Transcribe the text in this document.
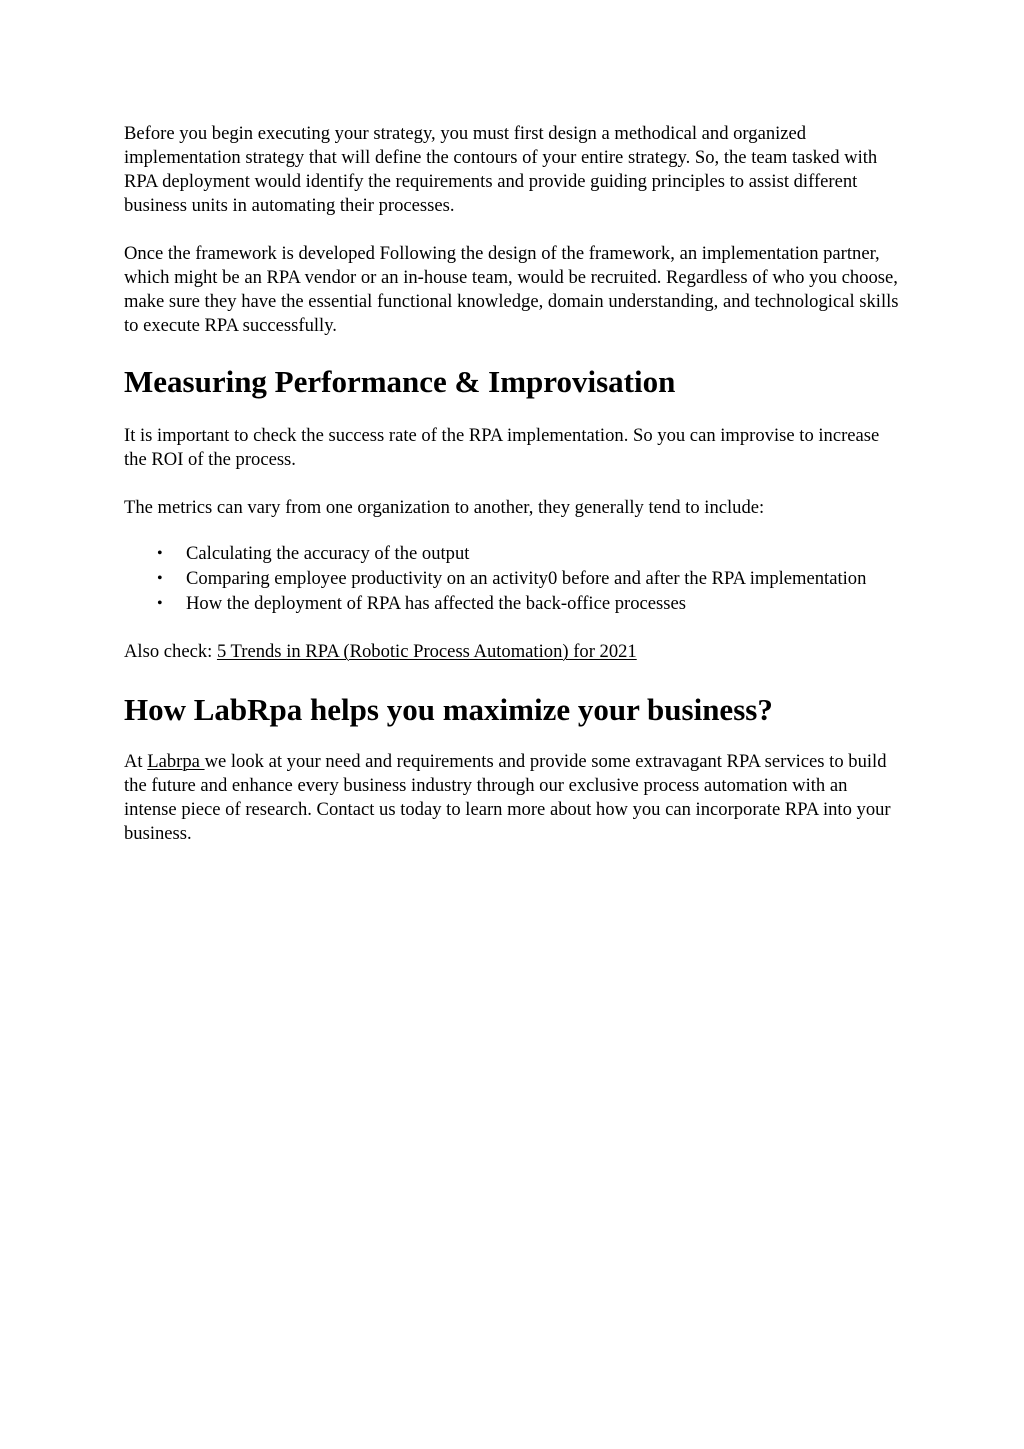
Before you begin executing your strategy, you must first design a methodical and organized implementation strategy that will define the contours of your entire strategy. So, the team tasked with RPA deployment would identify the requirements and provide guiding principles to assist different business units in automating their processes.

Once the framework is developed Following the design of the framework, an implementation partner, which might be an RPA vendor or an in-house team, would be recruited. Regardless of who you choose, make sure they have the essential functional knowledge, domain understanding, and technological skills to execute RPA successfully.

Measuring Performance & Improvisation

It is important to check the success rate of the RPA implementation. So you can improvise to increase the ROI of the process.

The metrics can vary from one organization to another, they generally tend to include:

• Calculating the accuracy of the output
• Comparing employee productivity on an activity0 before and after the RPA implementation
• How the deployment of RPA has affected the back-office processes

Also check: 5 Trends in RPA (Robotic Process Automation) for 2021

How LabRpa helps you maximize your business?

At Labrpa we look at your need and requirements and provide some extravagant RPA services to build the future and enhance every business industry through our exclusive process automation with an intense piece of research. Contact us today to learn more about how you can incorporate RPA into your business.
